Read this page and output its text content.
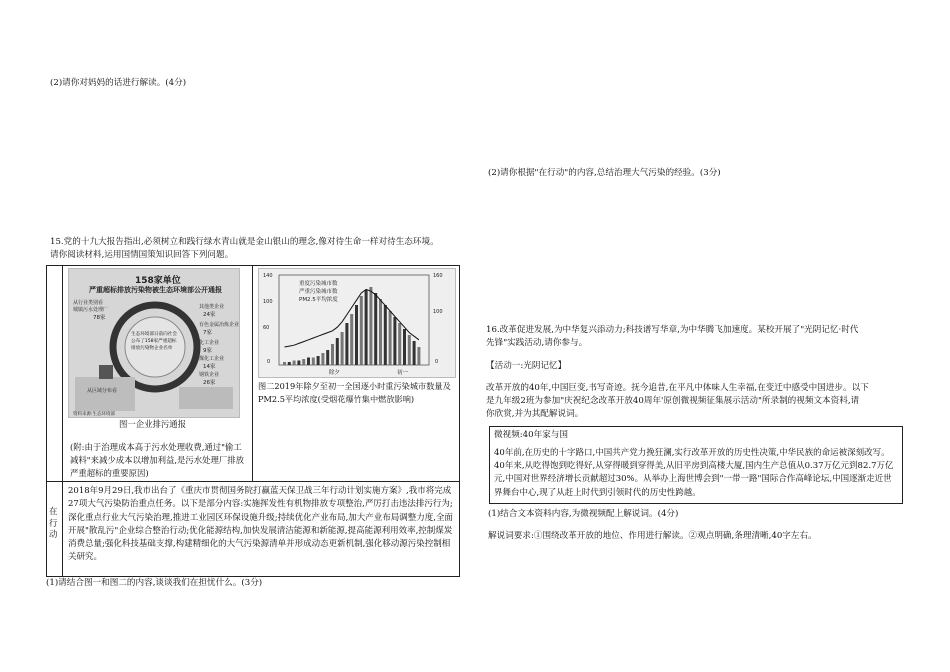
(2)请你对妈妈的话进行解读。(4分)
15.党的十九大报告指出,必须树立和践行绿水青山就是金山银山的理念,像对待生命一样对待生态环境。
请你阅读材料,运用国情国策知识回答下列问题。
158家单位
严重超标排放污染物被生态环境部公开通报
从行业类别看
城镇污水处理厂
78家
其他类企业
24家
有色金属冶炼企业
7家
化工企业
9家
煤化工企业
14家
钢铁企业
26家
生态环境部日前向社会公布了158家严重超标排放污染物企业名单
从区域分布看
资料来源:生态环境部
图一企业排污通报
(附:由于治理成本高于污水处理收费,通过"偷工减料"来减少成本以增加利益,是污水处理厂排放严重超标的重要原因)
重度污染城市数
严重污染城市数
PM2.5平均浓度
除夕	初一
140
100
60
0
160
100
0
图二2019年除夕至初一全国逐小时重污染城市数量及PM2.5平均浓度(受烟花爆竹集中燃放影响)
在行动
2018年9月29日,我市出台了《重庆市贯彻国务院打赢蓝天保卫战三年行动计划实施方案》,我市将完成27项大气污染防治重点任务。以下是部分内容:实施挥发性有机物排放专项整治,严厉打击违法排污行为;深化重点行业大气污染治理,推进工业园区环保设施升级;持续优化产业布局,加大产业布局调整力度,全面开展"散乱污"企业综合整治行动;优化能源结构,加快发展清洁能源和新能源,提高能源利用效率,控制煤炭消费总量;强化科技基础支撑,构建精细化的大气污染源清单并形成动态更新机制,强化移动源污染控制相关研究。
(1)请结合图一和图二的内容,谈谈我们在担忧什么。(3分)
(2)请你根据"在行动"的内容,总结治理大气污染的经验。(3分)
16.改革促进发展,为中华复兴添动力;科技谱写华章,为中华腾飞加速度。某校开展了"光阴记忆·时代
先锋"实践活动,请你参与。
【活动一:光阴记忆】
改革开放的40年,中国巨变,书写奇迹。抚今追昔,在平凡中体味人生幸福,在变迁中感受中国进步。以下
是九年级2班为参加"庆祝纪念改革开放40周年'原创微视频征集展示活动"所录制的视频文本资料,请
你欣赏,并为其配解说词。
微视频:40年家与国
40年前,在历史的十字路口,中国共产党力挽狂澜,实行改革开放的历史性决策,中华民族的命运被深刻改写。40年来,从吃得饱到吃得好,从穿得暖到穿得美,从旧平房到高楼大厦,国内生产总值从0.37万亿元到82.7万亿元,中国对世界经济增长贡献超过30%。从举办上海世博会到"一带一路"国际合作高峰论坛,中国逐渐走近世界舞台中心,现了从赶上时代到引领时代的历史性跨越。
(1)结合文本资料内容,为微视频配上解说词。(4分)
解说词要求:①围绕改革开放的地位、作用进行解读。②观点明确,条理清晰,40字左右。
